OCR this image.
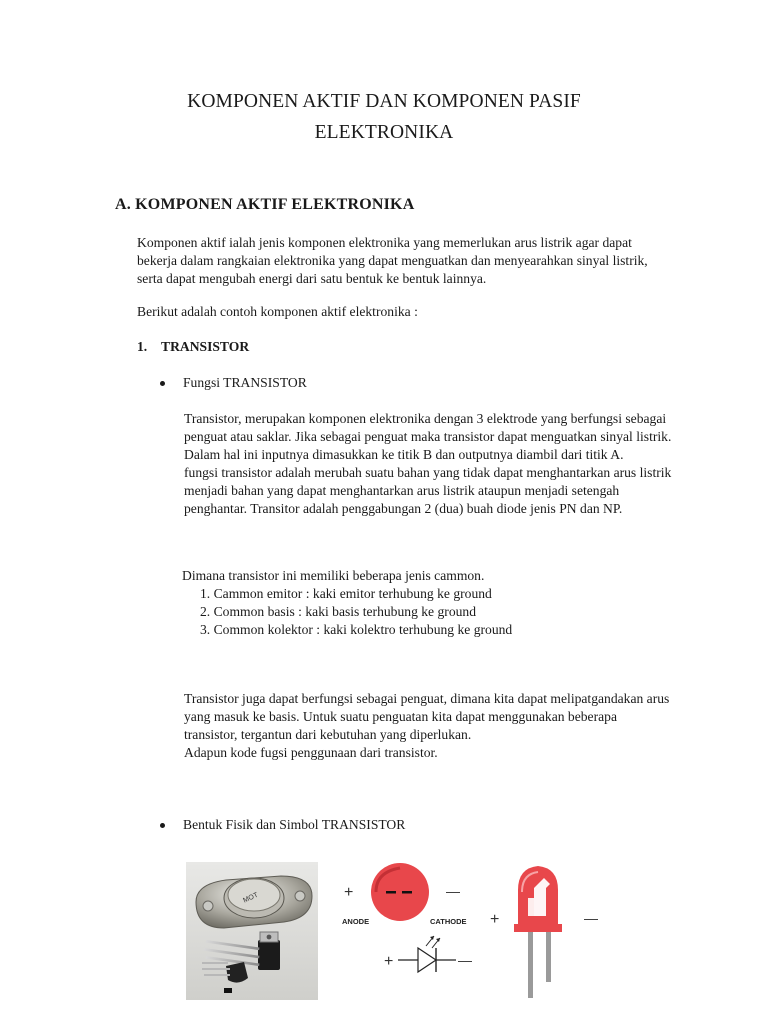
KOMPONEN AKTIF DAN KOMPONEN PASIF
ELEKTRONIKA
A. KOMPONEN AKTIF ELEKTRONIKA
Komponen aktif ialah jenis komponen elektronika yang memerlukan arus listrik agar dapat
bekerja dalam rangkaian elektronika yang dapat menguatkan dan menyearahkan sinyal listrik,
serta dapat mengubah energi dari satu bentuk ke bentuk lainnya.
Berikut adalah contoh komponen aktif elektronika :
1. TRANSISTOR
Fungsi TRANSISTOR
Transistor, merupakan komponen elektronika dengan 3 elektrode yang berfungsi sebagai
penguat atau saklar. Jika sebagai penguat maka transistor dapat menguatkan sinyal listrik.
Dalam hal ini inputnya dimasukkan ke titik B dan outputnya diambil dari titik A.
fungsi transistor adalah merubah suatu bahan yang tidak dapat menghantarkan arus listrik
menjadi bahan yang dapat menghantarkan arus listrik ataupun menjadi setengah
penghantar. Transitor adalah penggabungan 2 (dua) buah diode jenis PN dan NP.
Dimana transistor ini memiliki beberapa jenis cammon.
1. Cammon emitor : kaki emitor terhubung ke ground
2. Common basis : kaki basis terhubung ke ground
3. Common kolektor : kaki kolektro terhubung ke ground
Transistor juga dapat berfungsi sebagai penguat, dimana kita dapat melipatgandakan arus
yang masuk ke basis. Untuk suatu penguatan kita dapat menggunakan beberapa
transistor, tergantun dari kebutuhan yang diperlukan.
Adapun kode fugsi penggunaan dari transistor.
Bentuk Fisik dan Simbol TRANSISTOR
MOT	+	—
ANODE	CATHODE
+	—
+	—
